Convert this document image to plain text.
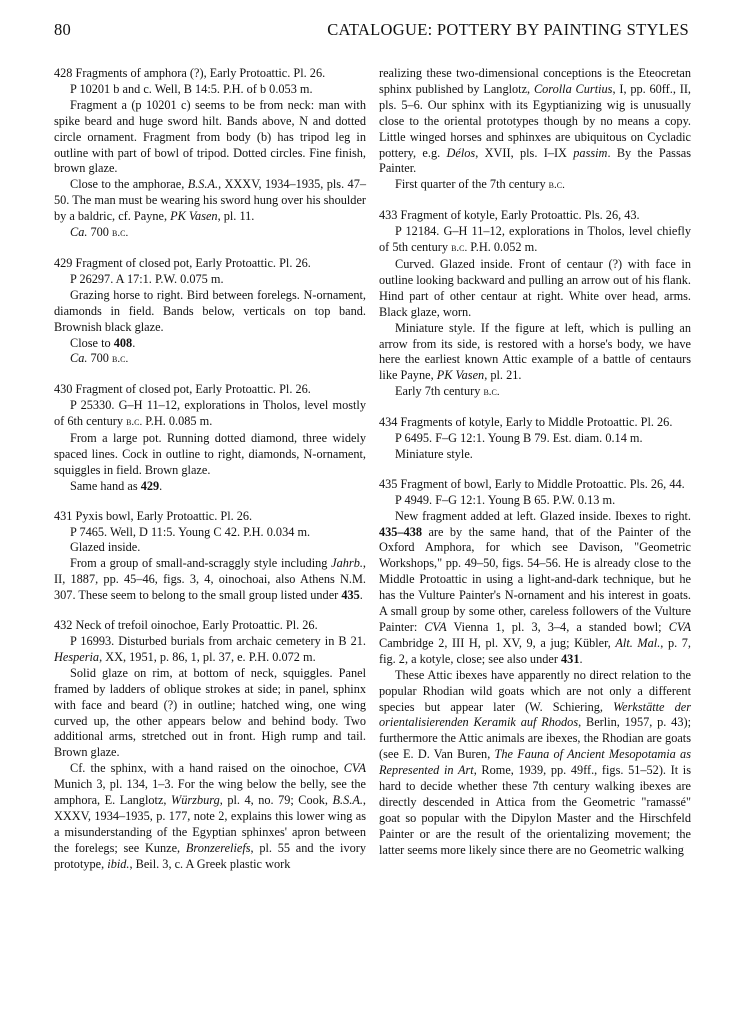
80	CATALOGUE: POTTERY BY PAINTING STYLES

428 Fragments of amphora (?), Early Protoattic. Pl. 26.

P 10201 b and c. Well, B 14:5. P.H. of b 0.053 m.

Fragment a (p 10201 c) seems to be from neck: man with spike beard and huge sword hilt. Bands above, N and dotted circle ornament. Fragment from body (b) has tripod leg in outline with part of bowl of tripod. Dotted circles. Fine finish, brown glaze.

Close to the amphorae, B.S.A., XXXV, 1934–1935, pls. 47–50. The man must be wearing his sword hung over his shoulder by a baldric, cf. Payne, PK Vasen, pl. 11.

Ca. 700 b.c.

429 Fragment of closed pot, Early Protoattic. Pl. 26.

P 26297. A 17:1. P.W. 0.075 m.

Grazing horse to right. Bird between forelegs. N-ornament, diamonds in field. Bands below, verticals on top band. Brownish black glaze.

Close to 408.

Ca. 700 b.c.

430 Fragment of closed pot, Early Protoattic. Pl. 26.

P 25330. G–H 11–12, explorations in Tholos, level mostly of 6th century b.c. P.H. 0.085 m.

From a large pot. Running dotted diamond, three widely spaced lines. Cock in outline to right, diamonds, N-ornament, squiggles in field. Brown glaze.

Same hand as 429.

431 Pyxis bowl, Early Protoattic. Pl. 26.

P 7465. Well, D 11:5. Young C 42. P.H. 0.034 m.

Glazed inside.

From a group of small-and-scraggly style including Jahrb., II, 1887, pp. 45–46, figs. 3, 4, oinochoai, also Athens N.M. 307. These seem to belong to the small group listed under 435.

432 Neck of trefoil oinochoe, Early Protoattic. Pl. 26.

P 16993. Disturbed burials from archaic cemetery in B 21. Hesperia, XX, 1951, p. 86, 1, pl. 37, e. P.H. 0.072 m.

Solid glaze on rim, at bottom of neck, squiggles. Panel framed by ladders of oblique strokes at side; in panel, sphinx with face and beard (?) in outline; hatched wing, one wing curved up, the other appears below and behind body. Two additional arms, stretched out in front. High rump and tail. Brown glaze.

Cf. the sphinx, with a hand raised on the oinochoe, CVA Munich 3, pl. 134, 1–3. For the wing below the belly, see the amphora, E. Langlotz, Würzburg, pl. 4, no. 79; Cook, B.S.A., XXXV, 1934–1935, p. 177, note 2, explains this lower wing as a misunderstanding of the Egyptian sphinxes' apron between the forelegs; see Kunze, Bronzereliefs, pl. 55 and the ivory prototype, ibid., Beil. 3, c. A Greek plastic work

realizing these two-dimensional conceptions is the Eteocretan sphinx published by Langlotz, Corolla Curtius, I, pp. 60ff., II, pls. 5–6. Our sphinx with its Egyptianizing wig is unusually close to the oriental prototypes though by no means a copy. Little winged horses and sphinxes are ubiquitous on Cycladic pottery, e.g. Délos, XVII, pls. I–IX passim. By the Passas Painter.

First quarter of the 7th century b.c.

433 Fragment of kotyle, Early Protoattic. Pls. 26, 43.

P 12184. G–H 11–12, explorations in Tholos, level chiefly of 5th century b.c. P.H. 0.052 m.

Curved. Glazed inside. Front of centaur (?) with face in outline looking backward and pulling an arrow out of his flank. Hind part of other centaur at right. White over head, arms. Black glaze, worn.

Miniature style. If the figure at left, which is pulling an arrow from its side, is restored with a horse's body, we have here the earliest known Attic example of a battle of centaurs like Payne, PK Vasen, pl. 21.

Early 7th century b.c.

434 Fragments of kotyle, Early to Middle Protoattic. Pl. 26.

P 6495. F–G 12:1. Young B 79. Est. diam. 0.14 m.

Miniature style.

435 Fragment of bowl, Early to Middle Protoattic. Pls. 26, 44.

P 4949. F–G 12:1. Young B 65. P.W. 0.13 m.

New fragment added at left. Glazed inside. Ibexes to right. 435–438 are by the same hand, that of the Painter of the Oxford Amphora, for which see Davison, "Geometric Workshops," pp. 49–50, figs. 54–56. He is already close to the Middle Protoattic in using a light-and-dark technique, but he has the Vulture Painter's N-ornament and his interest in goats. A small group by some other, careless followers of the Vulture Painter: CVA Vienna 1, pl. 3, 3–4, a standed bowl; CVA Cambridge 2, III H, pl. XV, 9, a jug; Kübler, Alt. Mal., p. 7, fig. 2, a kotyle, close; see also under 431.

These Attic ibexes have apparently no direct relation to the popular Rhodian wild goats which are not only a different species but appear later (W. Schiering, Werkstätte der orientalisierenden Keramik auf Rhodos, Berlin, 1957, p. 43); furthermore the Attic animals are ibexes, the Rhodian are goats (see E. D. Van Buren, The Fauna of Ancient Mesopotamia as Represented in Art, Rome, 1939, pp. 49ff., figs. 51–52). It is hard to decide whether these 7th century walking ibexes are directly descended in Attica from the Geometric "ramassé" goat so popular with the Dipylon Master and the Hirschfeld Painter or are the result of the orientalizing movement; the latter seems more likely since there are no Geometric walking
